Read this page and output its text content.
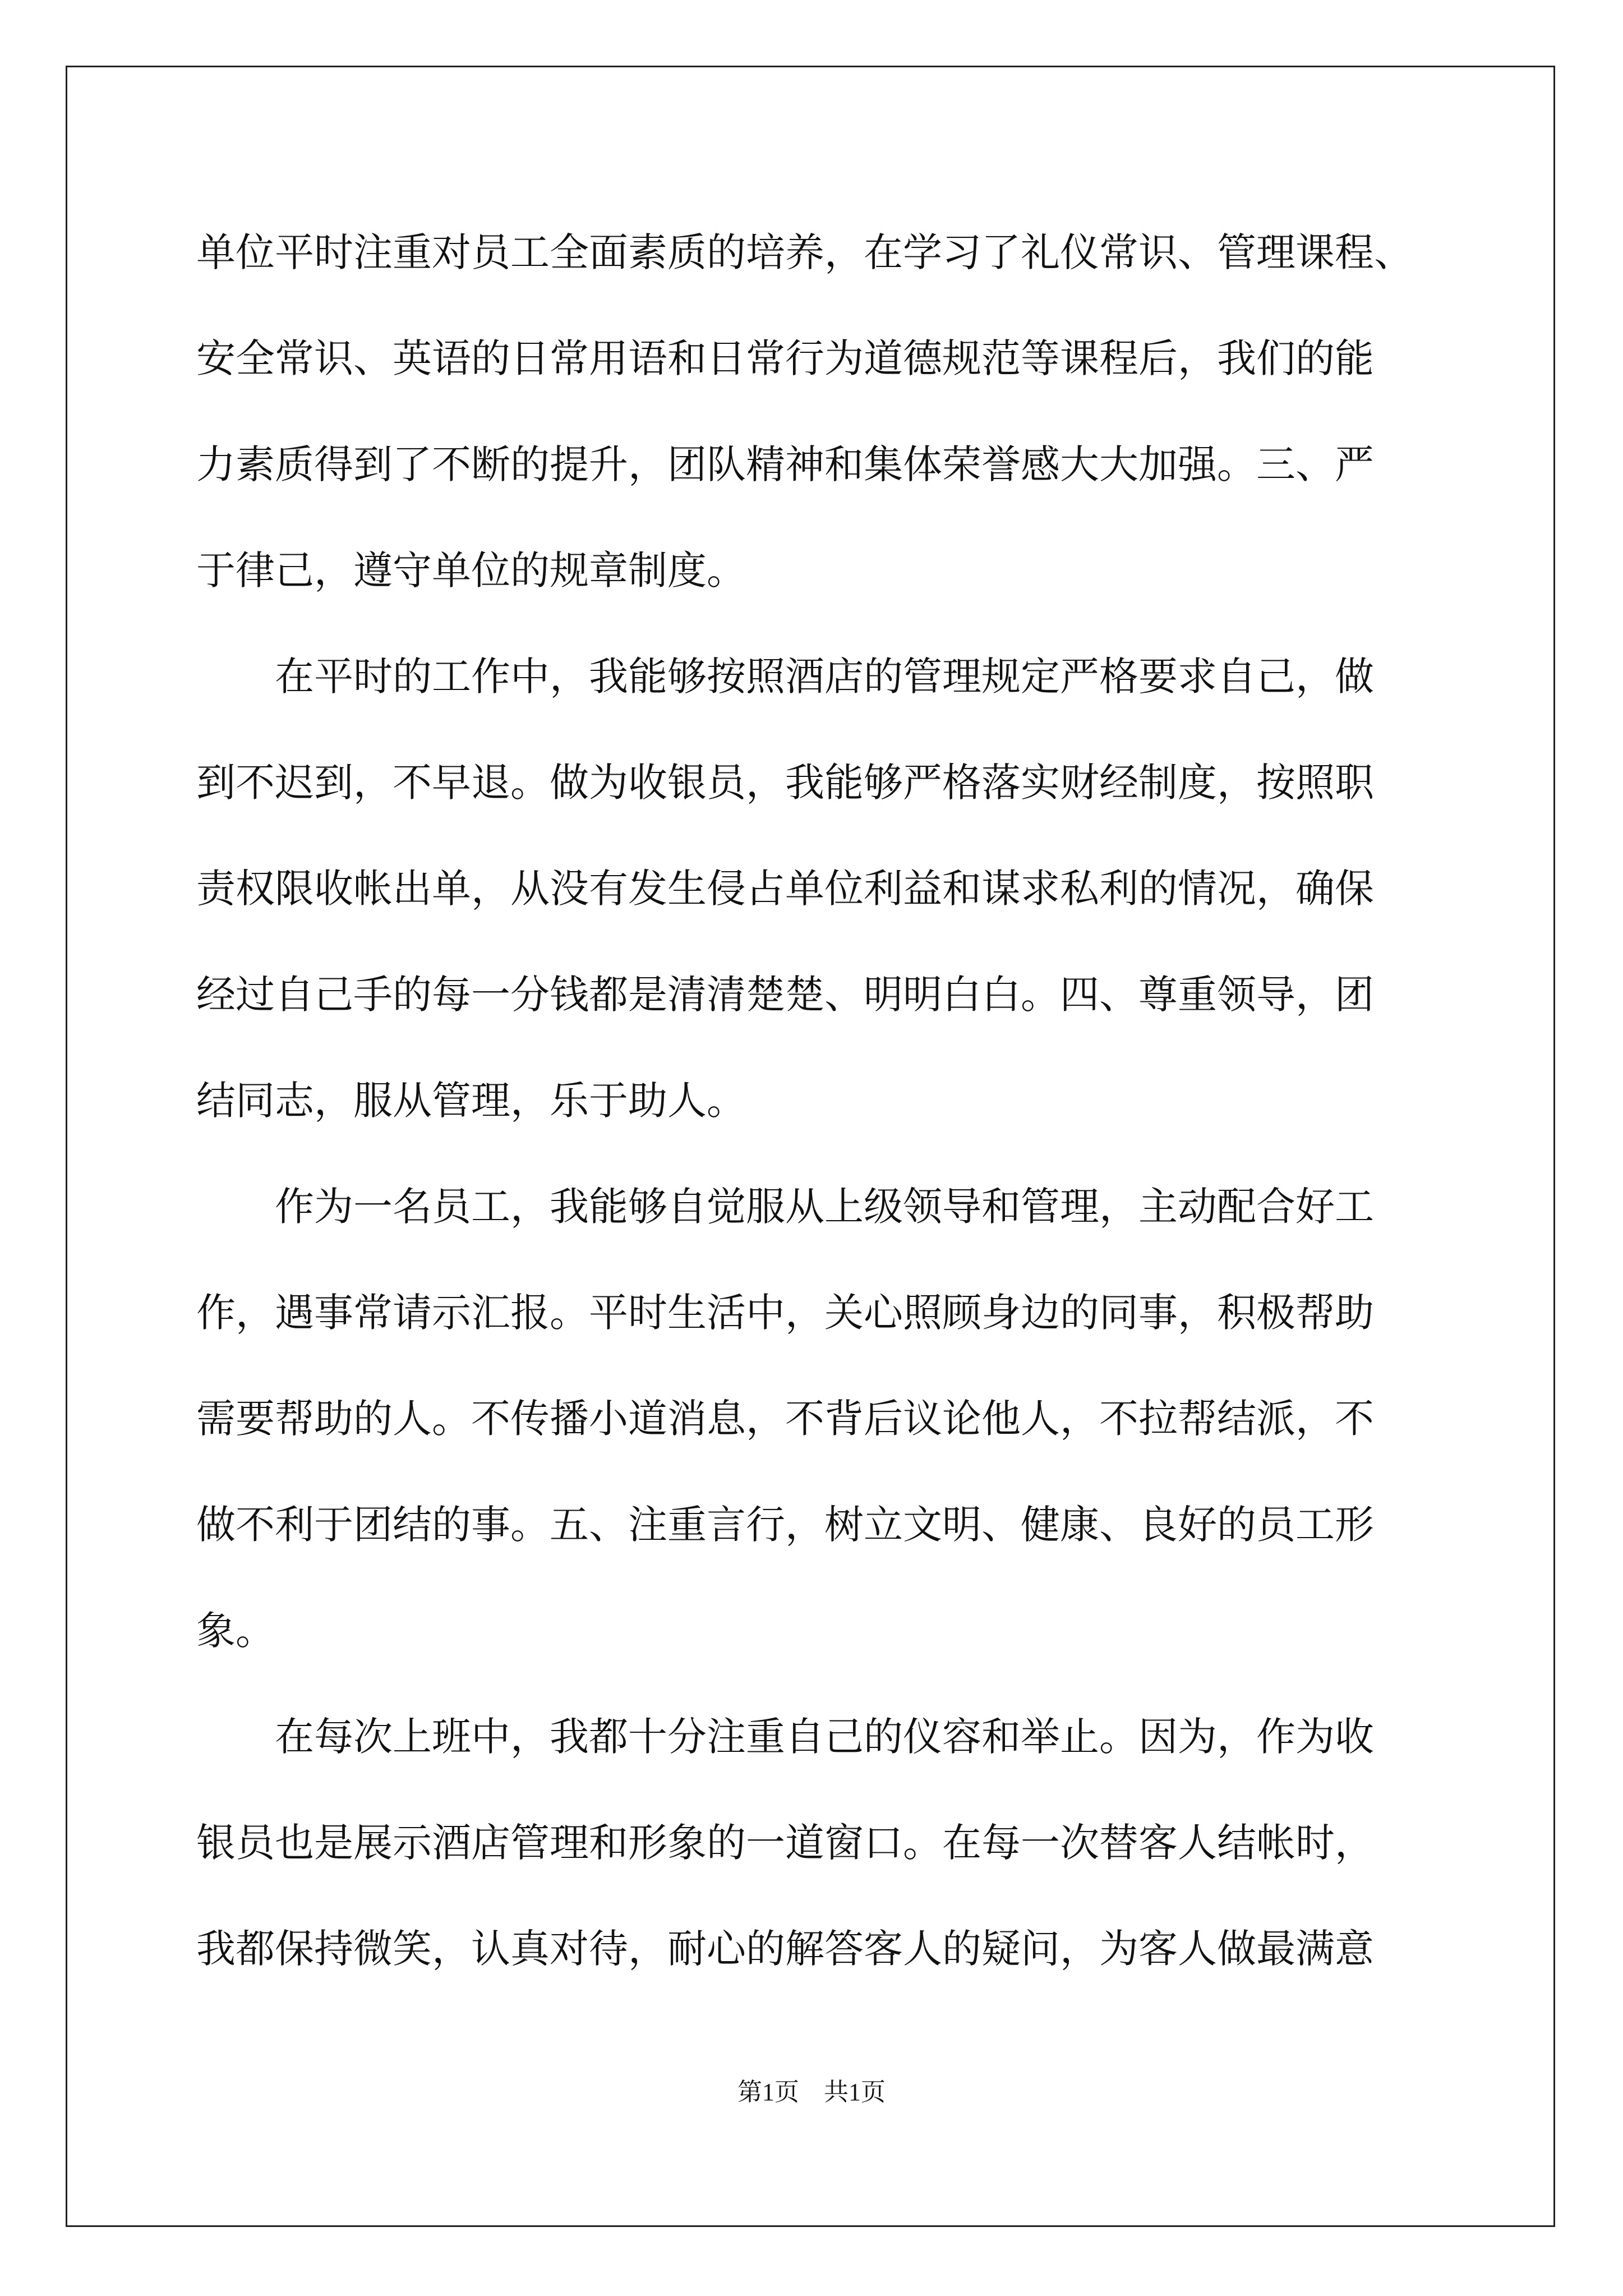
单位平时注重对员工全面素质的培养，在学习了礼仪常识、管理课程、
安全常识、英语的日常用语和日常行为道德规范等课程后，我们的能
力素质得到了不断的提升，团队精神和集体荣誉感大大加强。三、严
于律己，遵守单位的规章制度。
　　在平时的工作中，我能够按照酒店的管理规定严格要求自己，做
到不迟到，不早退。做为收银员，我能够严格落实财经制度，按照职
责权限收帐出单，从没有发生侵占单位利益和谋求私利的情况，确保
经过自己手的每一分钱都是清清楚楚、明明白白。四、尊重领导，团
结同志，服从管理，乐于助人。
　　作为一名员工，我能够自觉服从上级领导和管理，主动配合好工
作，遇事常请示汇报。平时生活中，关心照顾身边的同事，积极帮助
需要帮助的人。不传播小道消息，不背后议论他人，不拉帮结派，不
做不利于团结的事。五、注重言行，树立文明、健康、良好的员工形
象。
　　在每次上班中，我都十分注重自己的仪容和举止。因为，作为收
银员也是展示酒店管理和形象的一道窗口。在每一次替客人结帐时，
我都保持微笑，认真对待，耐心的解答客人的疑问，为客人做最满意
第1页　共1页
